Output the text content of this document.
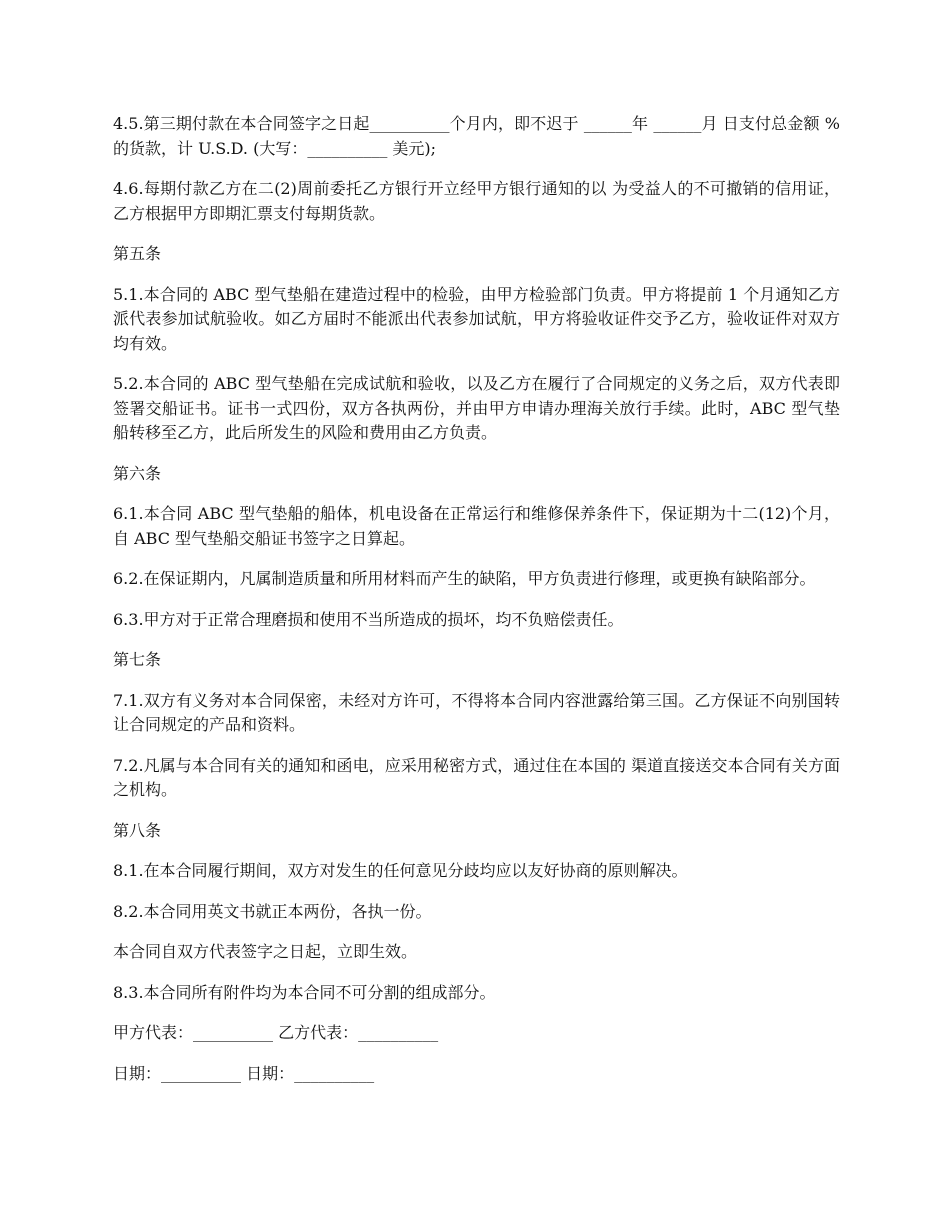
4.5.第三期付款在本合同签字之日起__________个月内，即不迟于 ______年 ______月 日支付总金额 %的货款，计 U.S.D. (大写：__________ 美元);

4.6.每期付款乙方在二(2)周前委托乙方银行开立经甲方银行通知的以 为受益人的不可撤销的信用证，乙方根据甲方即期汇票支付每期货款。

第五条

5.1.本合同的 ABC 型气垫船在建造过程中的检验，由甲方检验部门负责。甲方将提前 1 个月通知乙方派代表参加试航验收。如乙方届时不能派出代表参加试航，甲方将验收证件交予乙方，验收证件对双方均有效。

5.2.本合同的 ABC 型气垫船在完成试航和验收，以及乙方在履行了合同规定的义务之后，双方代表即签署交船证书。证书一式四份，双方各执两份，并由甲方申请办理海关放行手续。此时，ABC 型气垫船转移至乙方，此后所发生的风险和费用由乙方负责。

第六条

6.1.本合同 ABC 型气垫船的船体，机电设备在正常运行和维修保养条件下，保证期为十二(12)个月，自 ABC 型气垫船交船证书签字之日算起。

6.2.在保证期内，凡属制造质量和所用材料而产生的缺陷，甲方负责进行修理，或更换有缺陷部分。

6.3.甲方对于正常合理磨损和使用不当所造成的损坏，均不负赔偿责任。

第七条

7.1.双方有义务对本合同保密，未经对方许可，不得将本合同内容泄露给第三国。乙方保证不向别国转让合同规定的产品和资料。

7.2.凡属与本合同有关的通知和函电，应采用秘密方式，通过住在本国的 渠道直接送交本合同有关方面之机构。

第八条

8.1.在本合同履行期间，双方对发生的任何意见分歧均应以友好协商的原则解决。

8.2.本合同用英文书就正本两份，各执一份。

本合同自双方代表签字之日起，立即生效。

8.3.本合同所有附件均为本合同不可分割的组成部分。

甲方代表：__________ 乙方代表：__________

日期：__________ 日期：__________
